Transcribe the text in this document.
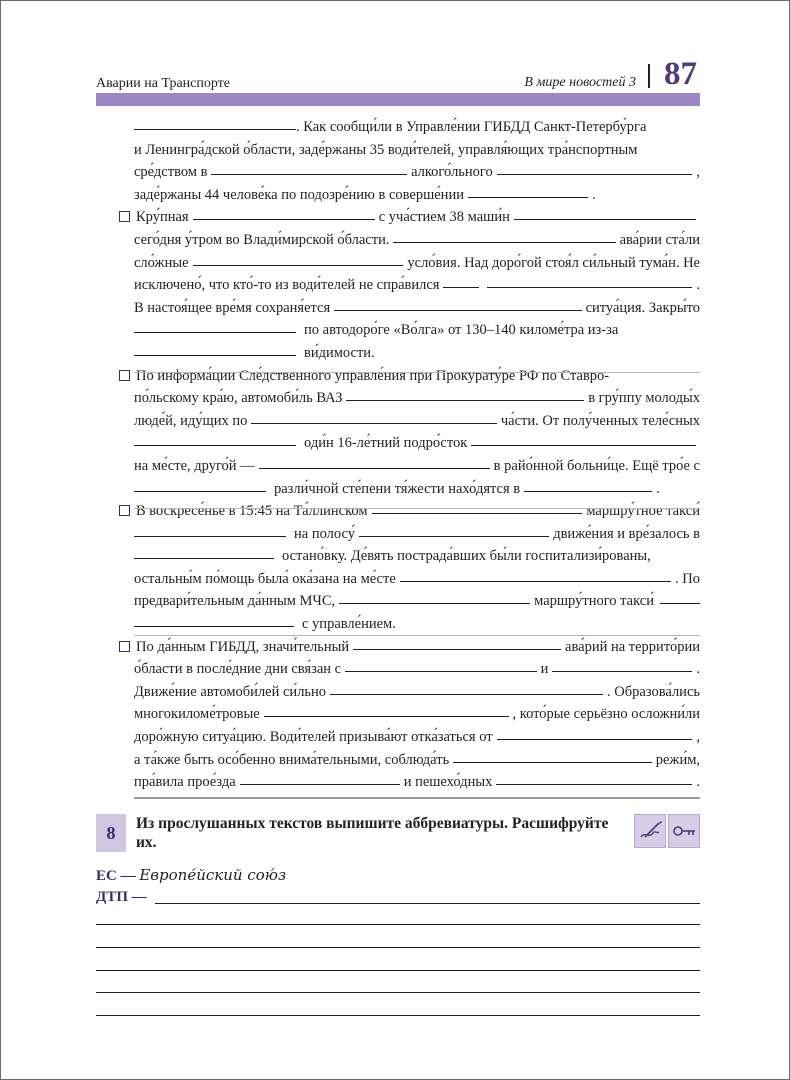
Аварии на Транспорте	В мире новостей 3 87
. Как сообщи́ли в Управле́нии ГИБДД Санкт-Петербу́рга
и Ленингра́дской о́бласти, заде́ржаны 35 води́телей, управля́ющих тра́нспортным
сре́дством в	алкого́льного	,
заде́ржаны 44 челове́ка по подозре́нию в соверше́нии	.
Кру́пная	с уча́стием 38 маши́н
сего́дня у́тром во Влади́мирской о́бласти.	ава́рии ста́ли
сло́жные	усло́вия. Над доро́гой стоя́л си́льный тума́н. Не
исключено́, что кто́-то из води́телей не спра́вился	.
В настоя́щее вре́мя сохраня́ется	ситуа́ция. Закры́то
по автодоро́ге «Во́лга» от 130–140 киломе́тра из-за
ви́димости.
По информа́ции Сле́дственного управле́ния при Прокурату́ре РФ по Ставро-
по́льскому кра́ю, автомоби́ль ВАЗ	в гру́ппу молоды́х
люде́й, иду́щих по	ча́сти. От полу́ченных теле́сных
оди́н 16-ле́тний подро́сток
на ме́сте, друго́й —	в райо́нной больни́це. Ещё тро́е с
разли́чной сте́пени тя́жести нахо́дятся в	.
В воскресе́нье в 15:45 на Та́ллинском	маршру́тное такси́
на полосу́	движе́ния и вре́залось в
остано́вку. Де́вять пострада́вших бы́ли госпитализи́рованы,
остальны́м по́мощь была́ ока́зана на ме́сте	. По
предвари́тельным да́нным МЧС,	маршру́тного такси́
с управле́нием.
По да́нным ГИБДД, значи́тельный	ава́рий на террито́рии
о́бласти в после́дние дни свя́зан с	и	.
Движе́ние автомоби́лей си́льно	. Образова́лись
многокиломе́тровые	, кото́рые серьёзно осложни́ли
доро́жную ситуа́цию. Води́телей призыва́ют отка́заться от	,
а та́кже быть осо́бенно внима́тельными, соблюда́ть	режи́м,
пра́вила прое́зда	и пешехо́дных	.
8	Из прослушанных текстов выпишите аббревиатуры. Расшифруйте их.
ЕС — Европе́йский сою́з
ДТП —
